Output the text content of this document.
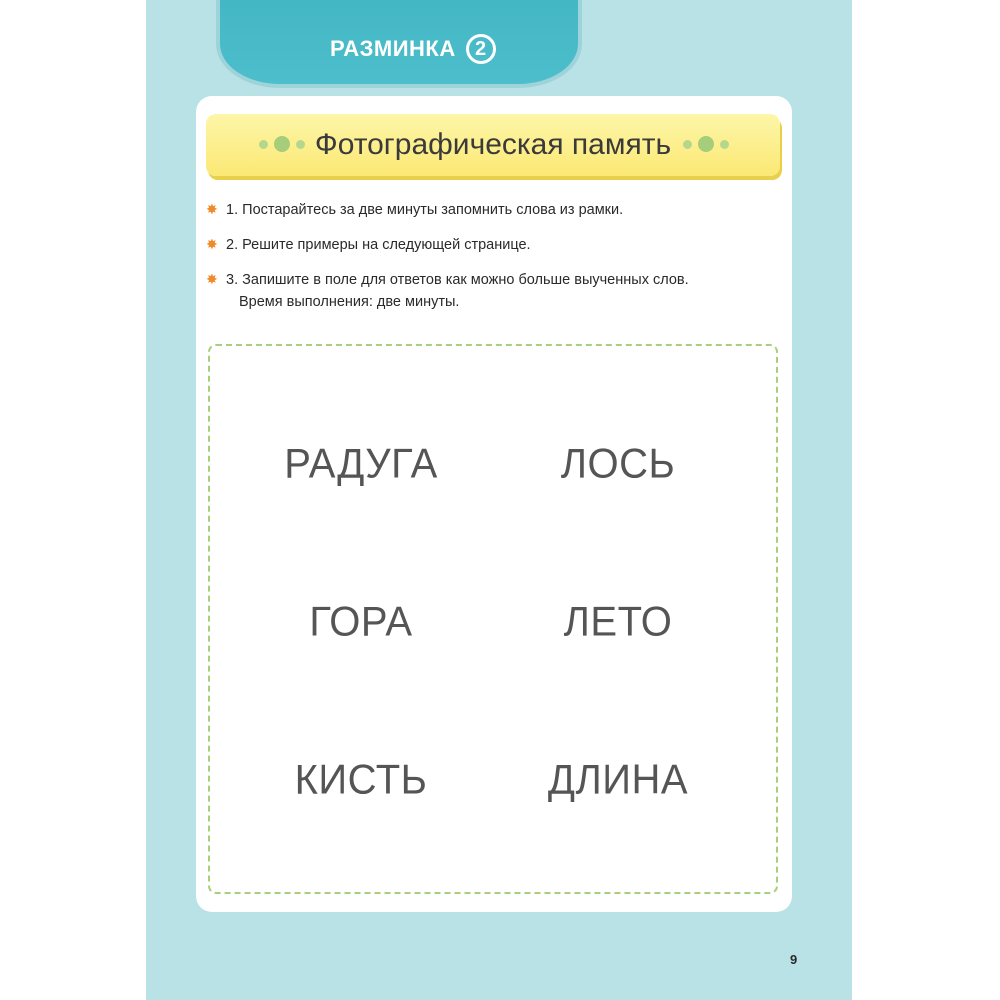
РАЗМИНКА 2
Фотографическая память
✸ 1. Постарайтесь за две минуты запомнить слова из рамки.
✸ 2. Решите примеры на следующей странице.
✸ 3. Запишите в поле для ответов как можно больше выученных слов.
Время выполнения: две минуты.
РАДУГА	ЛОСЬ
ГОРА	ЛЕТО
КИСТЬ	ДЛИНА
9
